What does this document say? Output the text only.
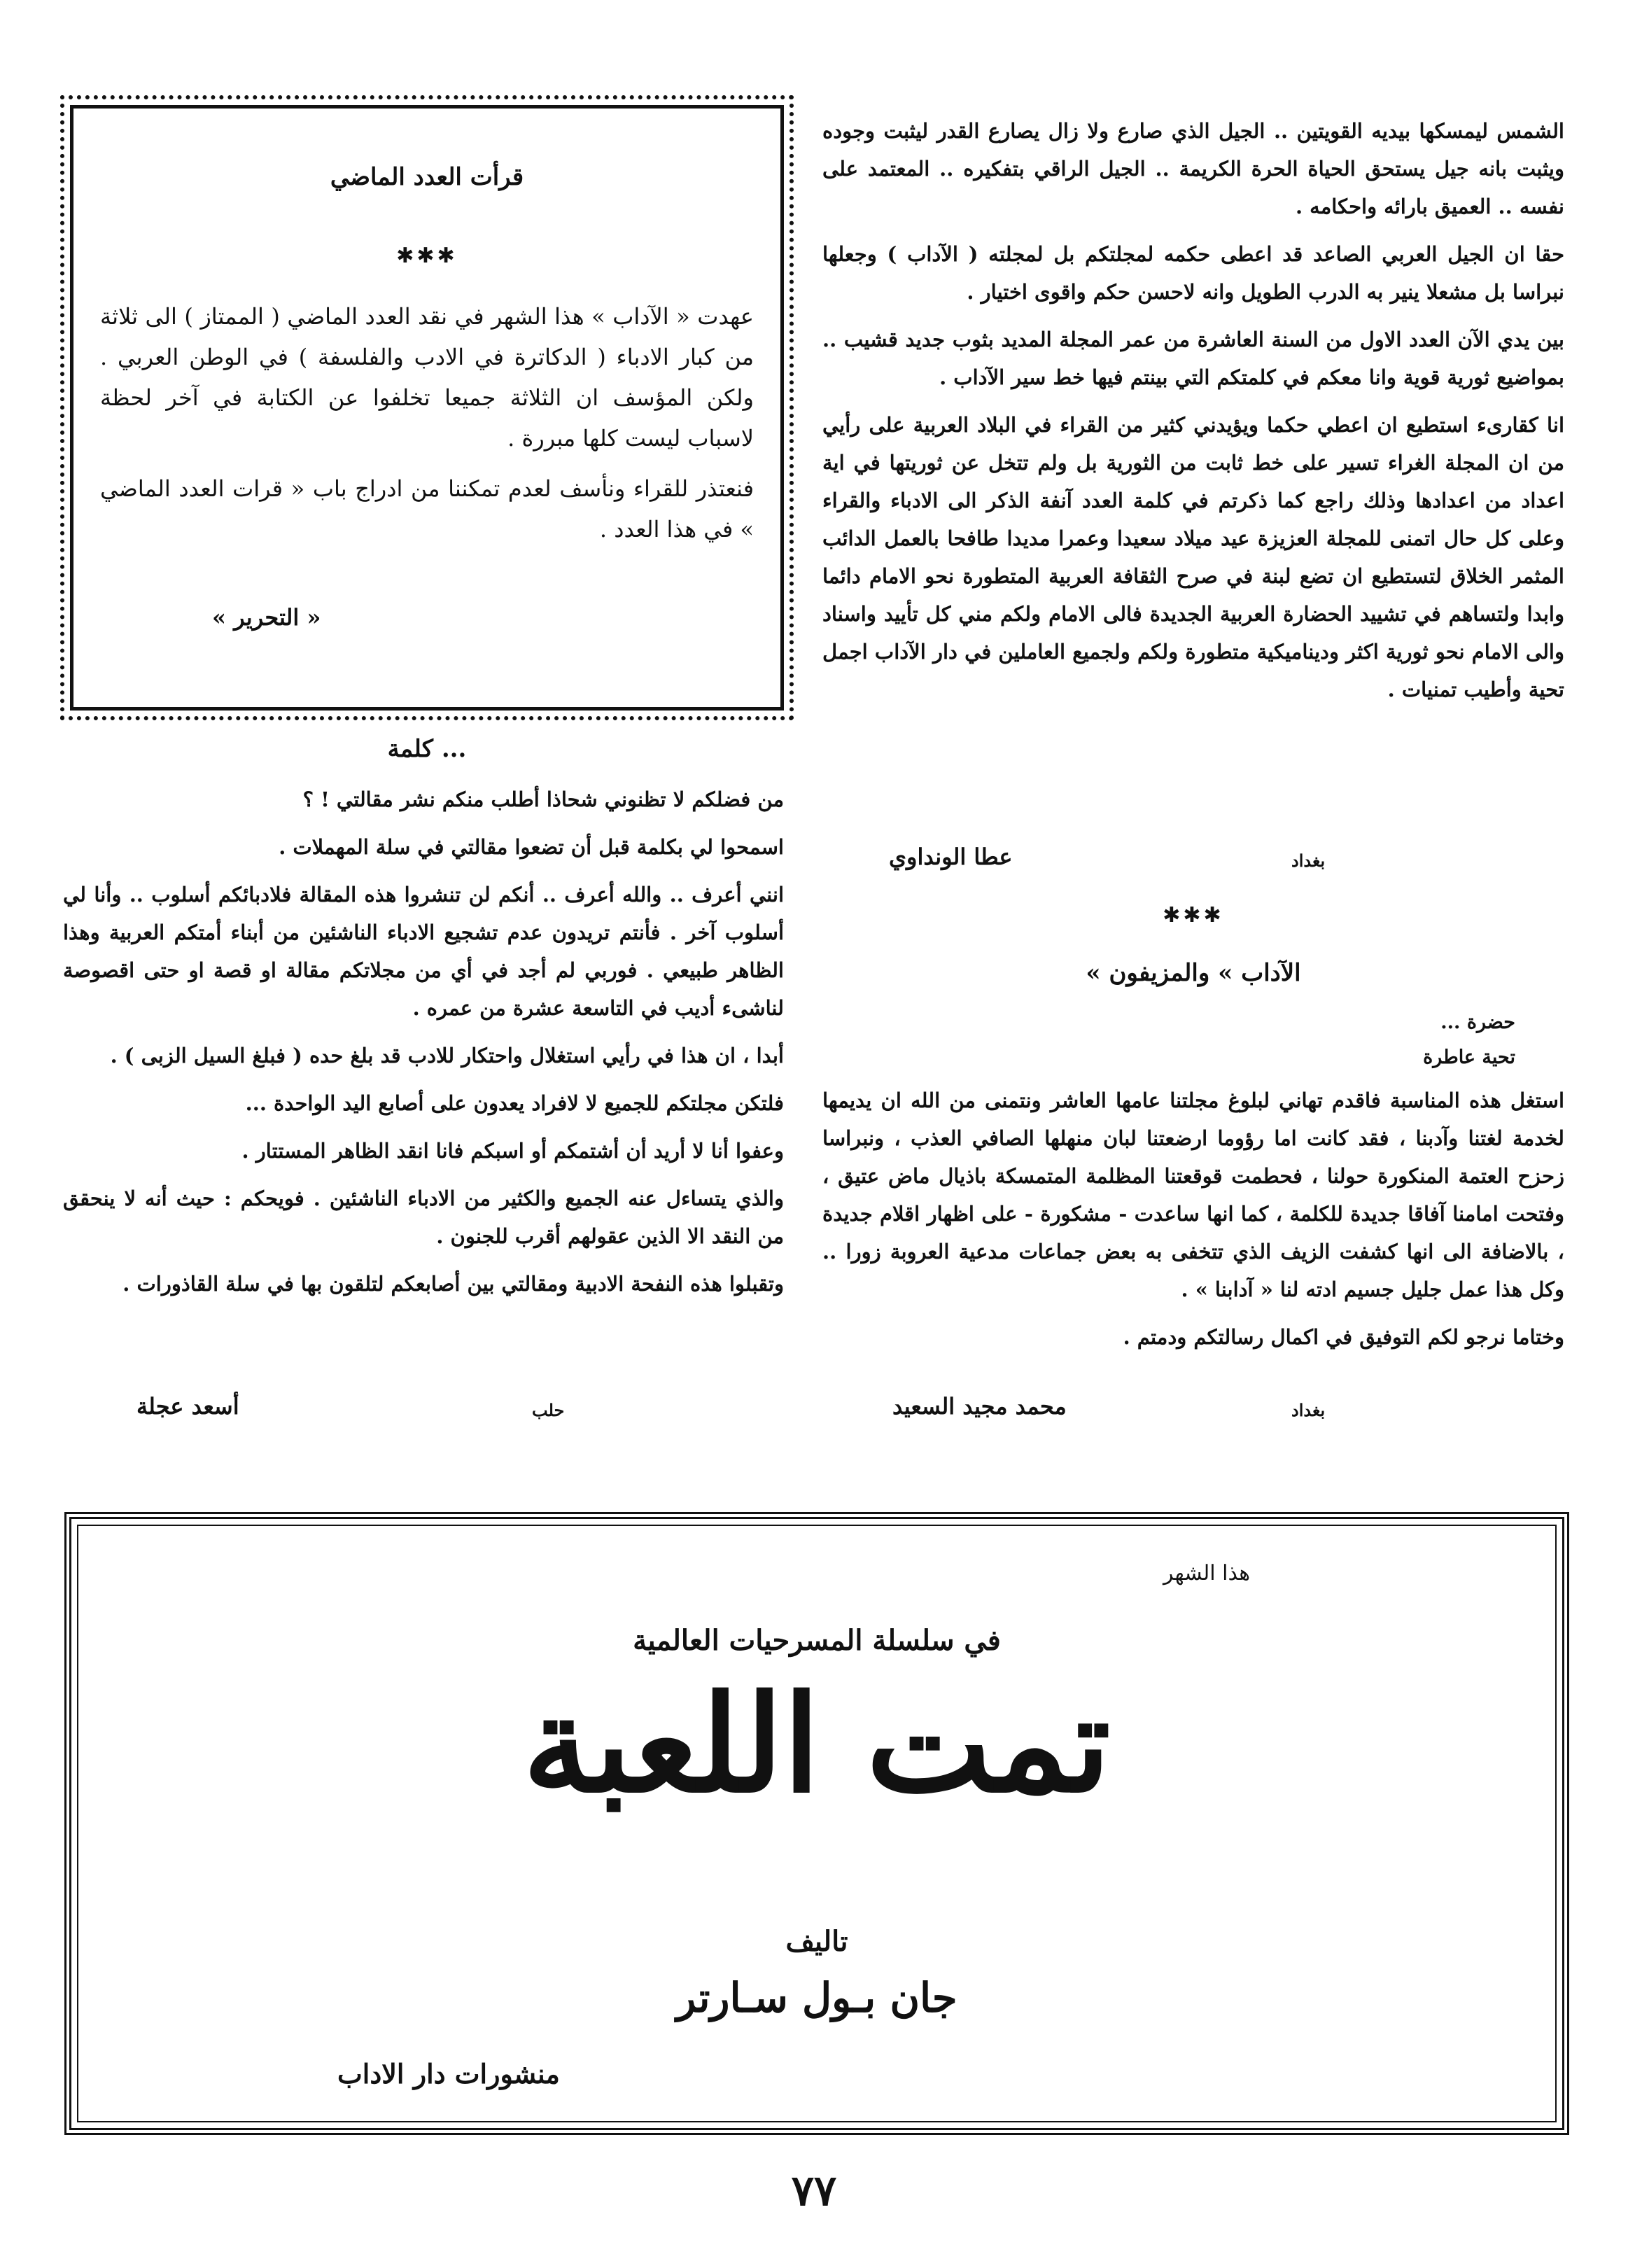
الشمس ليمسكها بيديه القويتين .. الجيل الذي صارع ولا زال يصارع القدر ليثبت وجوده ويثبت بانه جيل يستحق الحياة الحرة الكريمة .. الجيل الراقي بتفكيره .. المعتمد على نفسه .. العميق بارائه واحكامه .

حقا ان الجيل العربي الصاعد قد اعطى حكمه لمجلتكم بل لمجلته ( الآداب ) وجعلها نبراسا بل مشعلا ينير به الدرب الطويل وانه لاحسن حكم واقوى اختيار .

بين يدي الآن العدد الاول من السنة العاشرة من عمر المجلة المديد بثوب جديد قشيب .. بمواضيع ثورية قوية وانا معكم في كلمتكم التي بينتم فيها خط سير الآداب .

انا كقارىء استطيع ان اعطي حكما ويؤيدني كثير من القراء في البلاد العربية على رأيي من ان المجلة الغراء تسير على خط ثابت من الثورية بل ولم تتخل عن ثوريتها في اية اعداد من اعدادها وذلك راجع كما ذكرتم في كلمة العدد آنفة الذكر الى الادباء والقراء وعلى كل حال اتمنى للمجلة العزيزة عيد ميلاد سعيدا وعمرا مديدا طافحا بالعمل الدائب المثمر الخلاق لتستطيع ان تضع لبنة في صرح الثقافة العربية المتطورة نحو الامام دائما وابدا ولتساهم في تشييد الحضارة العربية الجديدة فالى الامام ولكم مني كل تأييد واسناد والى الامام نحو ثورية اكثر وديناميكية متطورة ولكم ولجميع العاملين في دار الآداب اجمل تحية وأطيب تمنيات .

بغداد
عطا الونداوي
✱✱✱
« الآداب » والمزيفون
حضرة ...
تحية عاطرة

استغل هذه المناسبة فاقدم تهاني لبلوغ مجلتنا عامها العاشر ونتمنى من الله ان يديمها لخدمة لغتنا وآدبنا ، فقد كانت اما رؤوما ارضعتنا لبان منهلها الصافي العذب ، ونبراسا زحزح العتمة المنكورة حولنا ، فحطمت قوقعتنا المظلمة المتمسكة باذيال ماض عتيق ، وفتحت امامنا آفاقا جديدة للكلمة ، كما انها ساعدت - مشكورة - على اظهار اقلام جديدة ، بالاضافة الى انها كشفت الزيف الذي تتخفى به بعض جماعات مدعية العروبة زورا .. وكل هذا عمل جليل جسيم ادته لنا « آدابنا » .

وختاما نرجو لكم التوفيق في اكمال رسالتكم ودمتم .

بغداد
محمد مجيد السعيد
قرأت العدد الماضي
✱✱✱

عهدت « الآداب » هذا الشهر في نقد العدد الماضي ( الممتاز ) الى ثلاثة من كبار الادباء ( الدكاترة في الادب والفلسفة ) في الوطن العربي . ولكن المؤسف ان الثلاثة جميعا تخلفوا عن الكتابة في آخر لحظة لاسباب ليست كلها مبررة .

فنعتذر للقراء ونأسف لعدم تمكننا من ادراج باب « قرات العدد الماضي » في هذا العدد .

« التحرير »
كلمة ...

من فضلكم لا تظنوني شحاذا أطلب منكم نشر مقالتي ! ؟

اسمحوا لي بكلمة قبل أن تضعوا مقالتي في سلة المهملات .

انني أعرف .. والله أعرف .. أنكم لن تنشروا هذه المقالة فلادبائكم أسلوب .. وأنا لي أسلوب آخر . فأنتم تريدون عدم تشجيع الادباء الناشئين من أبناء أمتكم العربية وهذا الظاهر طبيعي . فوربي لم أجد في أي من مجلاتكم مقالة او قصة او حتى اقصوصة لناشىء أديب في التاسعة عشرة من عمره .

أبدا ، ان هذا في رأيي استغلال واحتكار للادب قد بلغ حده ( فبلغ السيل الزبى ) .

فلتكن مجلتكم للجميع لا لافراد يعدون على أصابع اليد الواحدة ...

وعفوا أنا لا أريد أن أشتمكم أو اسبكم فانا انقد الظاهر المستتار .

والذي يتساءل عنه الجميع والكثير من الادباء الناشئين . فويحكم : حيث أنه لا ينحقق من النقد الا الذين عقولهم أقرب للجنون .

وتقبلوا هذه النفحة الادبية ومقالتي بين أصابعكم لتلقون بها في سلة القاذورات .

حلب
أسعد عجلة
هذا الشهر
في سلسلة المسرحيات العالمية
تمت اللعبة
تاليف
جان بـول سـارتر
منشورات دار الاداب
٧٧
